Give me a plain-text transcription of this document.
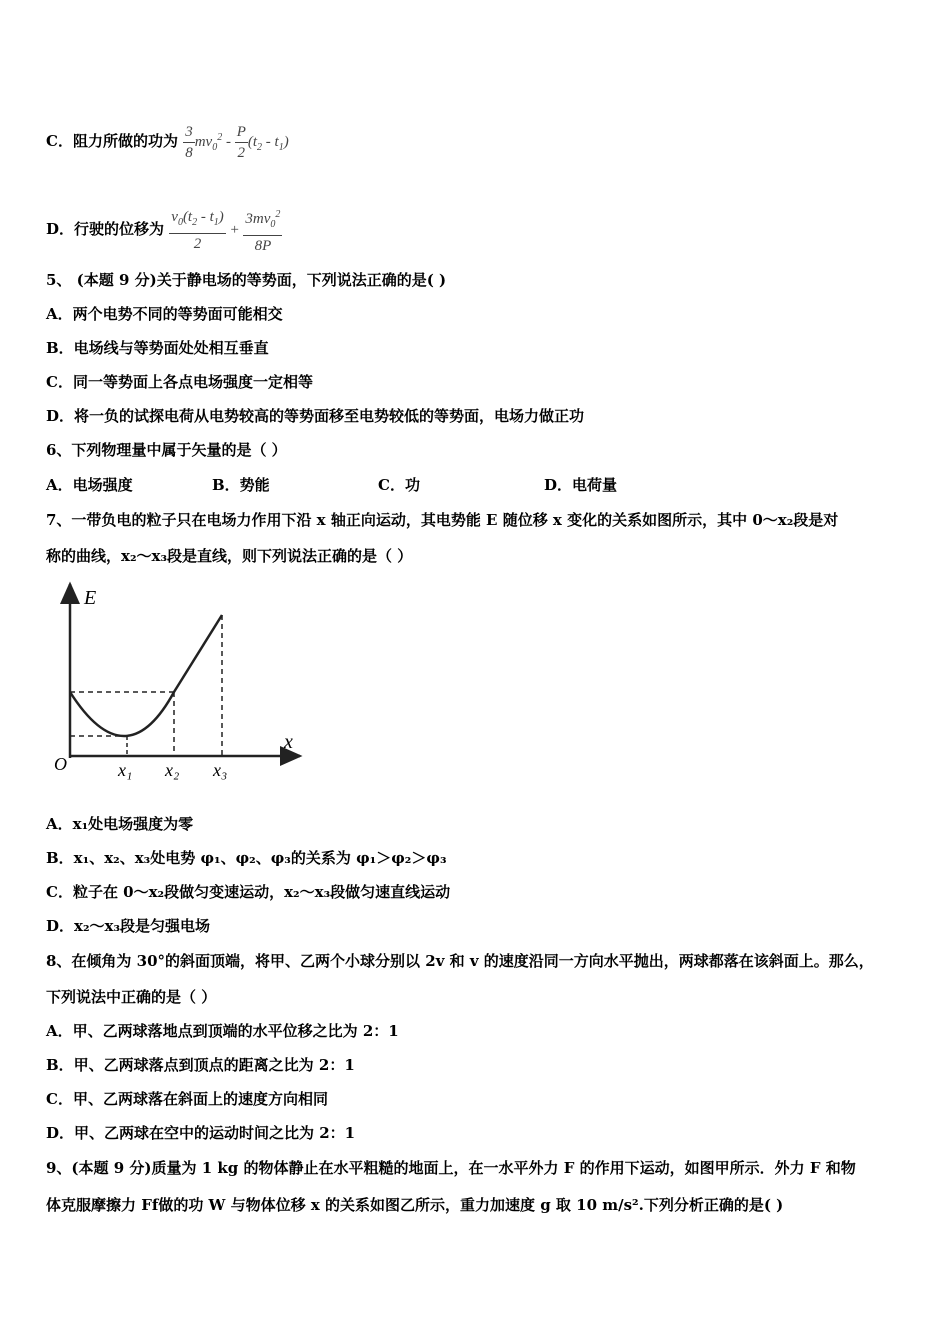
C．阻力所做的功为 $\frac{3}{8} mv_0^2 - \frac{P}{2} (t_2 - t_1)$
D．行驶的位移为 $\frac{v_0(t_2 - t_1)}{2} + \frac{3mv_0^2}{8P}$
5、 (本题 9 分)关于静电场的等势面，下列说法正确的是( )
A．两个电势不同的等势面可能相交
B．电场线与等势面处处相互垂直
C．同一等势面上各点电场强度一定相等
D．将一负的试探电荷从电势较高的等势面移至电势较低的等势面，电场力做正功
6、下列物理量中属于矢量的是（ ）
A．电场强度	B．势能	C．功	D．电荷量
7、一带负电的粒子只在电场力作用下沿 x 轴正向运动，其电势能 E 随位移 x 变化的关系如图所示，其中 0～x₂段是对
称的曲线，x₂～x₃段是直线，则下列说法正确的是（ ）
E
x
O	x₁ x₂ x₃
A．x₁处电场强度为零
B．x₁、x₂、x₃处电势 φ₁、φ₂、φ₃的关系为 φ₁＞φ₂＞φ₃
C．粒子在 0～x₂段做匀变速运动，x₂～x₃段做匀速直线运动
D．x₂～x₃段是匀强电场
8、在倾角为 30°的斜面顶端，将甲、乙两个小球分别以 2v 和 v 的速度沿同一方向水平抛出，两球都落在该斜面上。那么，
下列说法中正确的是（ ）
A．甲、乙两球落地点到顶端的水平位移之比为 2：1
B．甲、乙两球落点到顶点的距离之比为 2：1
C．甲、乙两球落在斜面上的速度方向相同
D．甲、乙两球在空中的运动时间之比为 2：1
9、(本题 9 分)质量为 1 kg 的物体静止在水平粗糙的地面上，在一水平外力 F 的作用下运动，如图甲所示．外力 F 和物
体克服摩擦力 Ff做的功 W 与物体位移 x 的关系如图乙所示，重力加速度 g 取 10 m/s².下列分析正确的是( )
